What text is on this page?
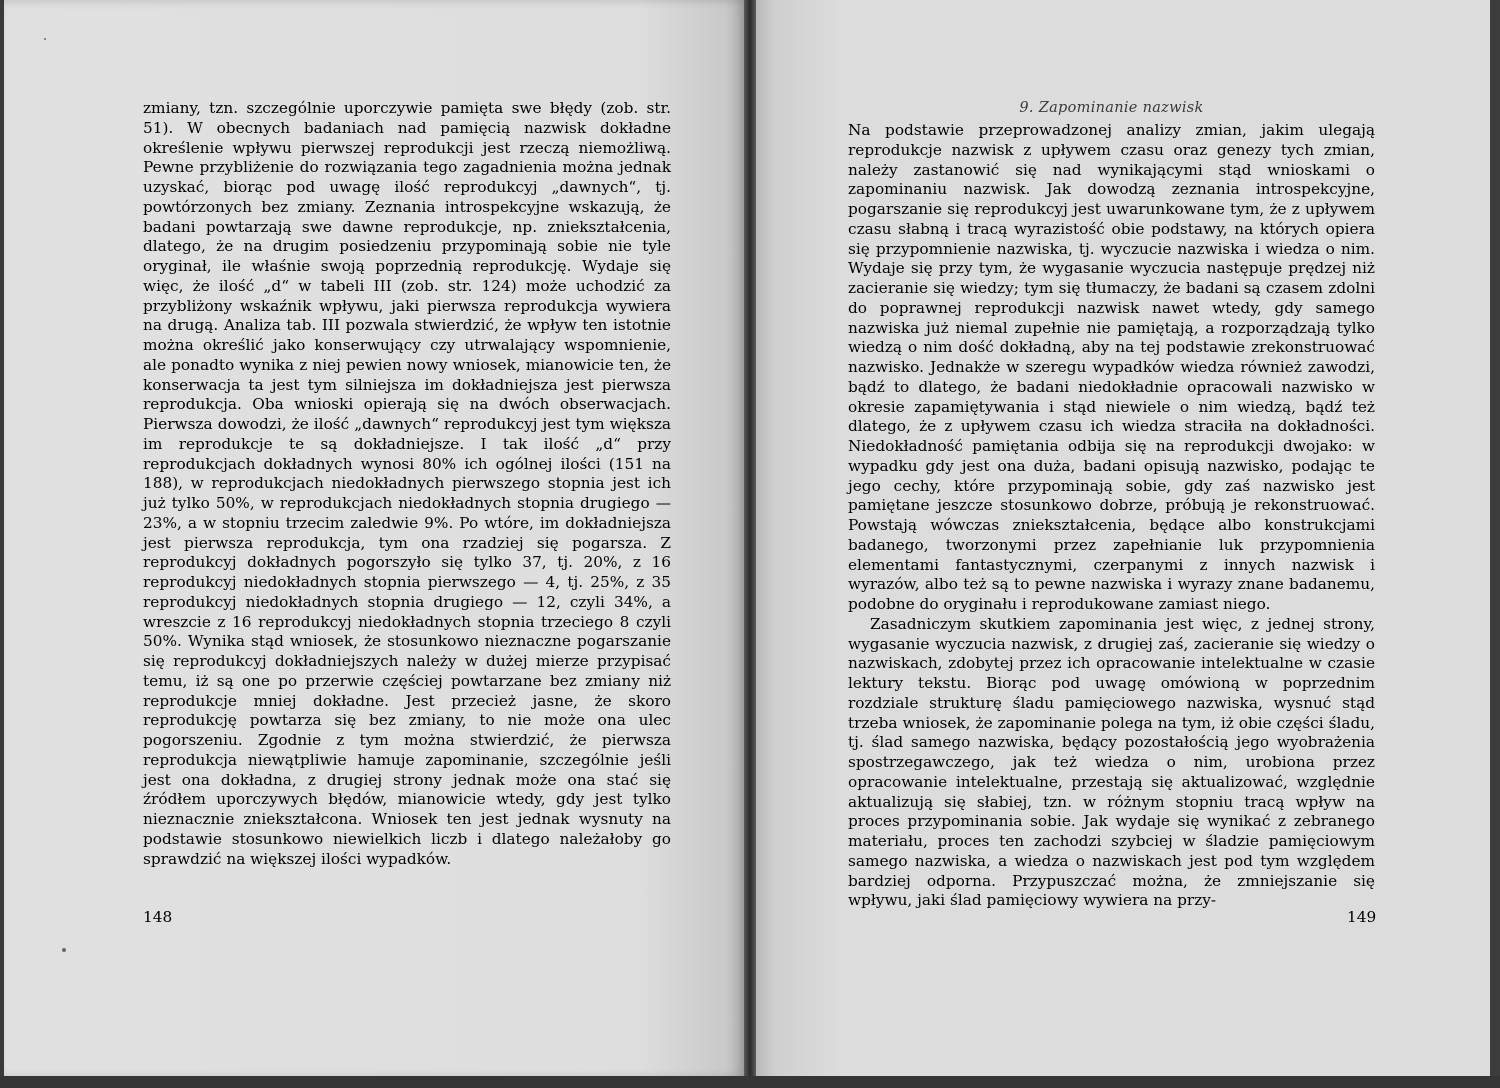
zmiany, tzn. szczególnie uporczywie pamięta swe błędy (zob. str. 51). W obecnych badaniach nad pamięcią nazwisk dokładne określenie wpływu pierwszej reprodukcji jest rzeczą niemożliwą. Pewne przybliżenie do rozwiązania tego zagadnienia można jednak uzyskać, biorąc pod uwagę ilość reprodukcyj „dawnych“, tj. powtórzonych bez zmiany. Zeznania introspekcyjne wskazują, że badani powtarzają swe dawne reprodukcje, np. zniekształcenia, dlatego, że na drugim posiedzeniu przypominają sobie nie tyle oryginał, ile właśnie swoją poprzednią reprodukcję. Wydaje się więc, że ilość „d“ w tabeli III (zob. str. 124) może uchodzić za przybliżony wskaźnik wpływu, jaki pierwsza reprodukcja wywiera na drugą. Analiza tab. III pozwala stwierdzić, że wpływ ten istotnie można określić jako konserwujący czy utrwalający wspomnienie, ale ponadto wynika z niej pewien nowy wniosek, mianowicie ten, że konserwacja ta jest tym silniejsza im dokładniejsza jest pierwsza reprodukcja. Oba wnioski opierają się na dwóch obserwacjach. Pierwsza dowodzi, że ilość „dawnych“ reprodukcyj jest tym większa im reprodukcje te są dokładniejsze. I tak ilość „d“ przy reprodukcjach dokładnych wynosi 80% ich ogólnej ilości (151 na 188), w reprodukcjach niedokładnych pierwszego stopnia jest ich już tylko 50%, w reprodukcjach niedokładnych stopnia drugiego — 23%, a w stopniu trzecim zaledwie 9%. Po wtóre, im dokładniejsza jest pierwsza reprodukcja, tym ona rzadziej się pogarsza. Z reprodukcyj dokładnych pogorszyło się tylko 37, tj. 20%, z 16 reprodukcyj niedokładnych stopnia pierwszego — 4, tj. 25%, z 35 reprodukcyj niedokładnych stopnia drugiego — 12, czyli 34%, a wreszcie z 16 reprodukcyj niedokładnych stopnia trzeciego 8 czyli 50%. Wynika stąd wniosek, że stosunkowo nieznaczne pogarszanie się reprodukcyj dokładniejszych należy w dużej mierze przypisać temu, iż są one po przerwie częściej powtarzane bez zmiany niż reprodukcje mniej dokładne. Jest przecież jasne, że skoro reprodukcję powtarza się bez zmiany, to nie może ona ulec pogorszeniu. Zgodnie z tym można stwierdzić, że pierwsza reprodukcja niewątpliwie hamuje zapominanie, szczególnie jeśli jest ona dokładna, z drugiej strony jednak może ona stać się źródłem uporczywych błędów, mianowicie wtedy, gdy jest tylko nieznacznie zniekształcona. Wniosek ten jest jednak wysnuty na podstawie stosunkowo niewielkich liczb i dlatego należałoby go sprawdzić na większej ilości wypadków.

148
9. Zapominanie nazwisk

Na podstawie przeprowadzonej analizy zmian, jakim ulegają reprodukcje nazwisk z upływem czasu oraz genezy tych zmian, należy zastanowić się nad wynikającymi stąd wnioskami o zapominaniu nazwisk. Jak dowodzą zeznania introspekcyjne, pogarszanie się reprodukcyj jest uwarunkowane tym, że z upływem czasu słabną i tracą wyrazistość obie podstawy, na których opiera się przypomnienie nazwiska, tj. wyczucie nazwiska i wiedza o nim. Wydaje się przy tym, że wygasanie wyczucia następuje prędzej niż zacieranie się wiedzy; tym się tłumaczy, że badani są czasem zdolni do poprawnej reprodukcji nazwisk nawet wtedy, gdy samego nazwiska już niemal zupełnie nie pamiętają, a rozporządzają tylko wiedzą o nim dość dokładną, aby na tej podstawie zrekonstruować nazwisko. Jednakże w szeregu wypadków wiedza również zawodzi, bądź to dlatego, że badani niedokładnie opracowali nazwisko w okresie zapamiętywania i stąd niewiele o nim wiedzą, bądź też dlatego, że z upływem czasu ich wiedza straciła na dokładności. Niedokładność pamiętania odbija się na reprodukcji dwojako: w wypadku gdy jest ona duża, badani opisują nazwisko, podając te jego cechy, które przypominają sobie, gdy zaś nazwisko jest pamiętane jeszcze stosunkowo dobrze, próbują je rekonstruować. Powstają wówczas zniekształcenia, będące albo konstrukcjami badanego, tworzonymi przez zapełnianie luk przypomnienia elementami fantastycznymi, czerpanymi z innych nazwisk i wyrazów, albo też są to pewne nazwiska i wyrazy znane badanemu, podobne do oryginału i reprodukowane zamiast niego.

Zasadniczym skutkiem zapominania jest więc, z jednej strony, wygasanie wyczucia nazwisk, z drugiej zaś, zacieranie się wiedzy o nazwiskach, zdobytej przez ich opracowanie intelektualne w czasie lektury tekstu. Biorąc pod uwagę omówioną w poprzednim rozdziale strukturę śladu pamięciowego nazwiska, wysnuć stąd trzeba wniosek, że zapominanie polega na tym, iż obie części śladu, tj. ślad samego nazwiska, będący pozostałością jego wyobrażenia spostrzegawczego, jak też wiedza o nim, urobiona przez opracowanie intelektualne, przestają się aktualizować, względnie aktualizują się słabiej, tzn. w różnym stopniu tracą wpływ na proces przypominania sobie. Jak wydaje się wynikać z zebranego materiału, proces ten zachodzi szybciej w śladzie pamięciowym samego nazwiska, a wiedza o nazwiskach jest pod tym względem bardziej odporna. Przypuszczać można, że zmniejszanie się wpływu, jaki ślad pamięciowy wywiera na przy-

149
